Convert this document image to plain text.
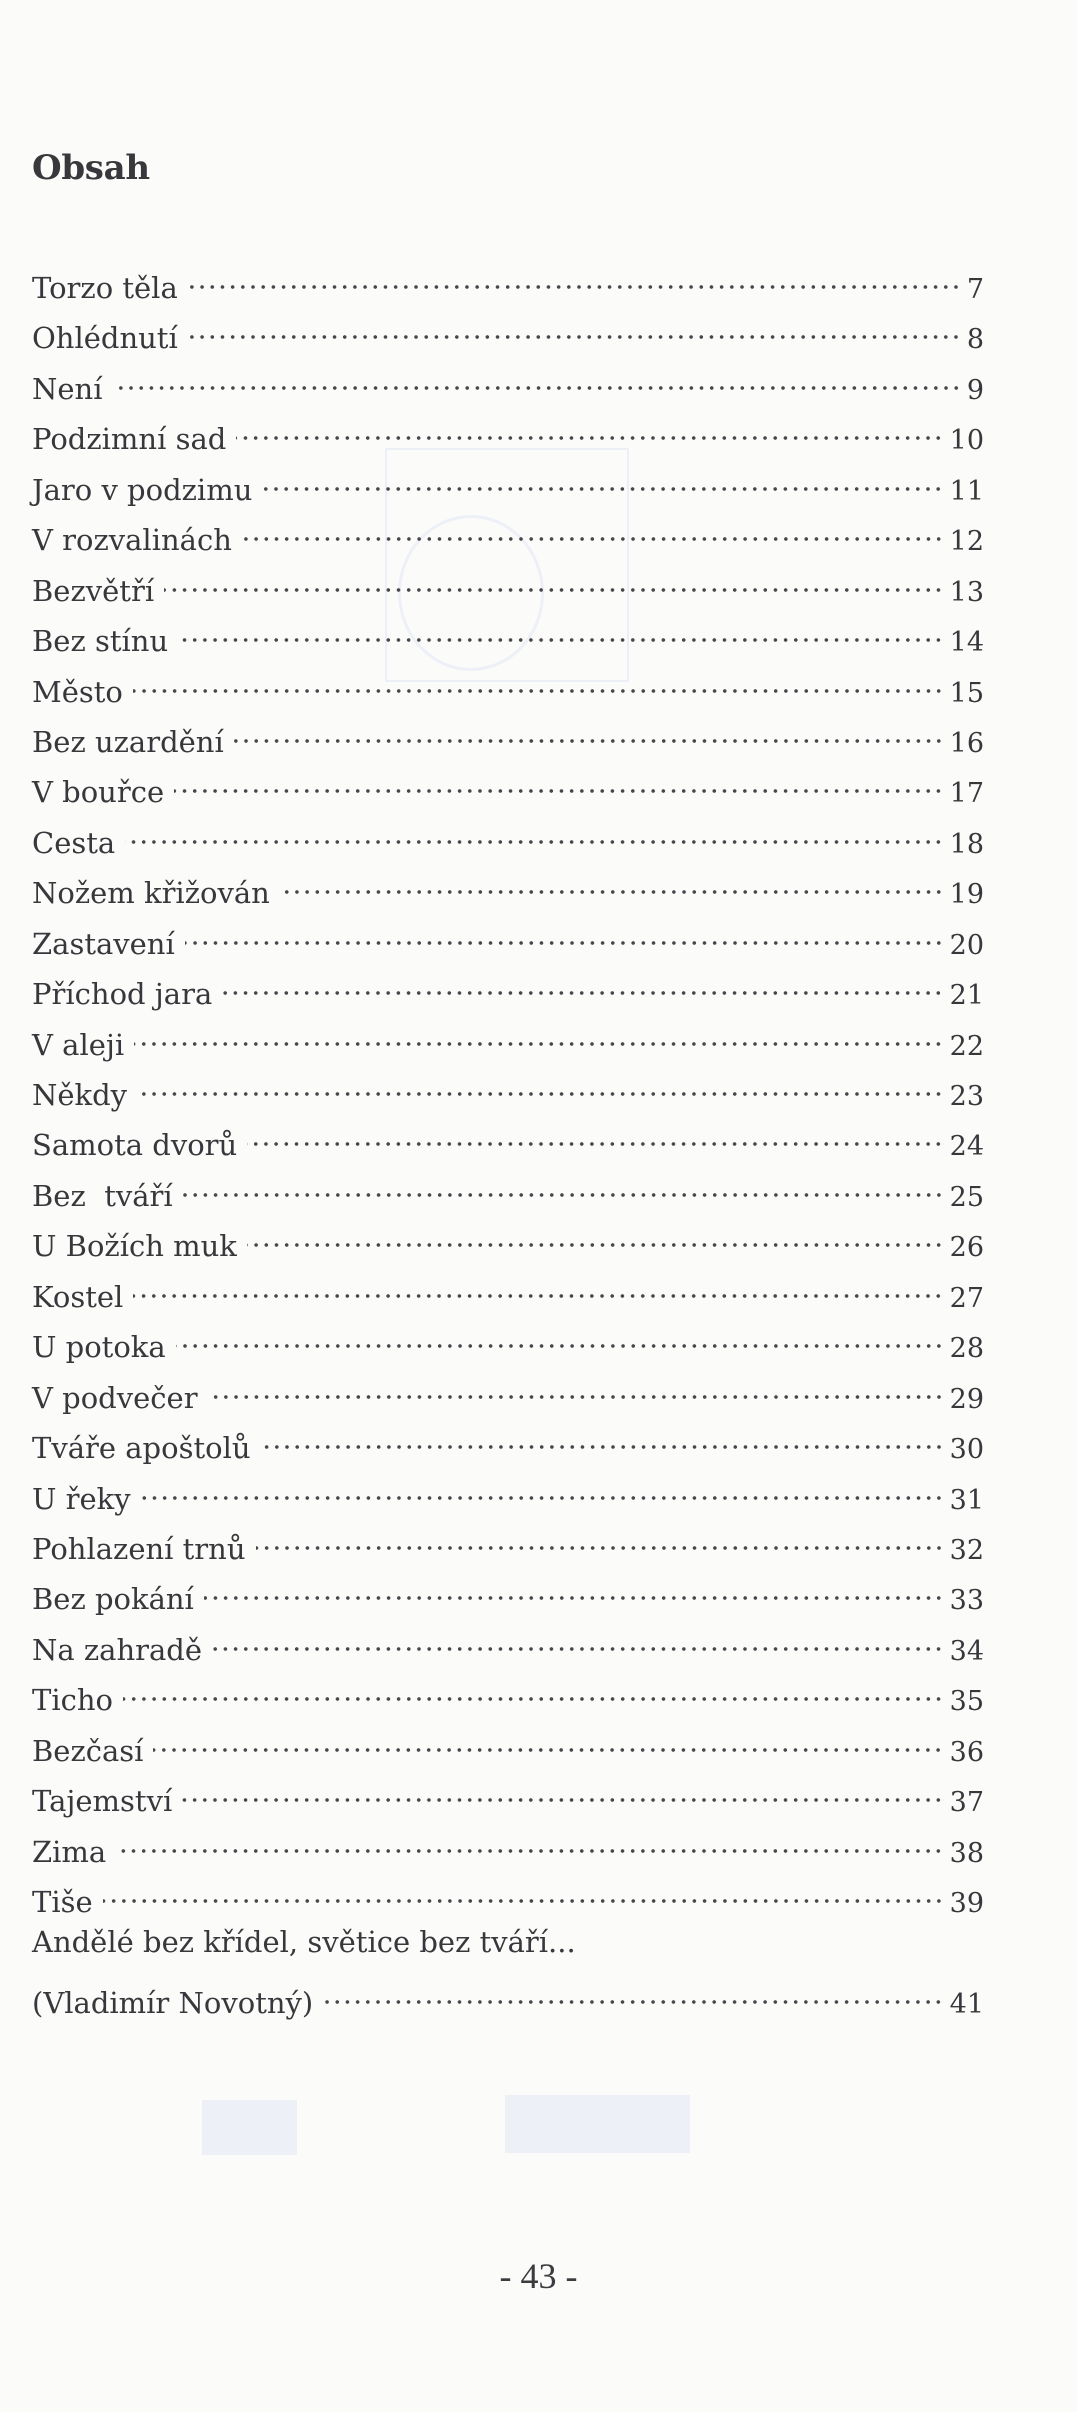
Obsah
Torzo těla	7
Ohlédnutí	8
Není	9
Podzimní sad	10
Jaro v podzimu	11
V rozvalinách	12
Bezvětří	13
Bez stínu	14
Město	15
Bez uzardění	16
V bouřce	17
Cesta	18
Nožem křižován	19
Zastavení	20
Příchod jara	21
V aleji	22
Někdy	23
Samota dvorů	24
Bez  tváří	25
U Božích muk	26
Kostel	27
U potoka	28
V podvečer	29
Tváře apoštolů	30
U řeky	31
Pohlazení trnů	32
Bez pokání	33
Na zahradě	34
Ticho	35
Bezčasí	36
Tajemství	37
Zima	38
Tiše	39
Andělé bez křídel, světice bez tváří...
(Vladimír Novotný)	41
- 43 -
